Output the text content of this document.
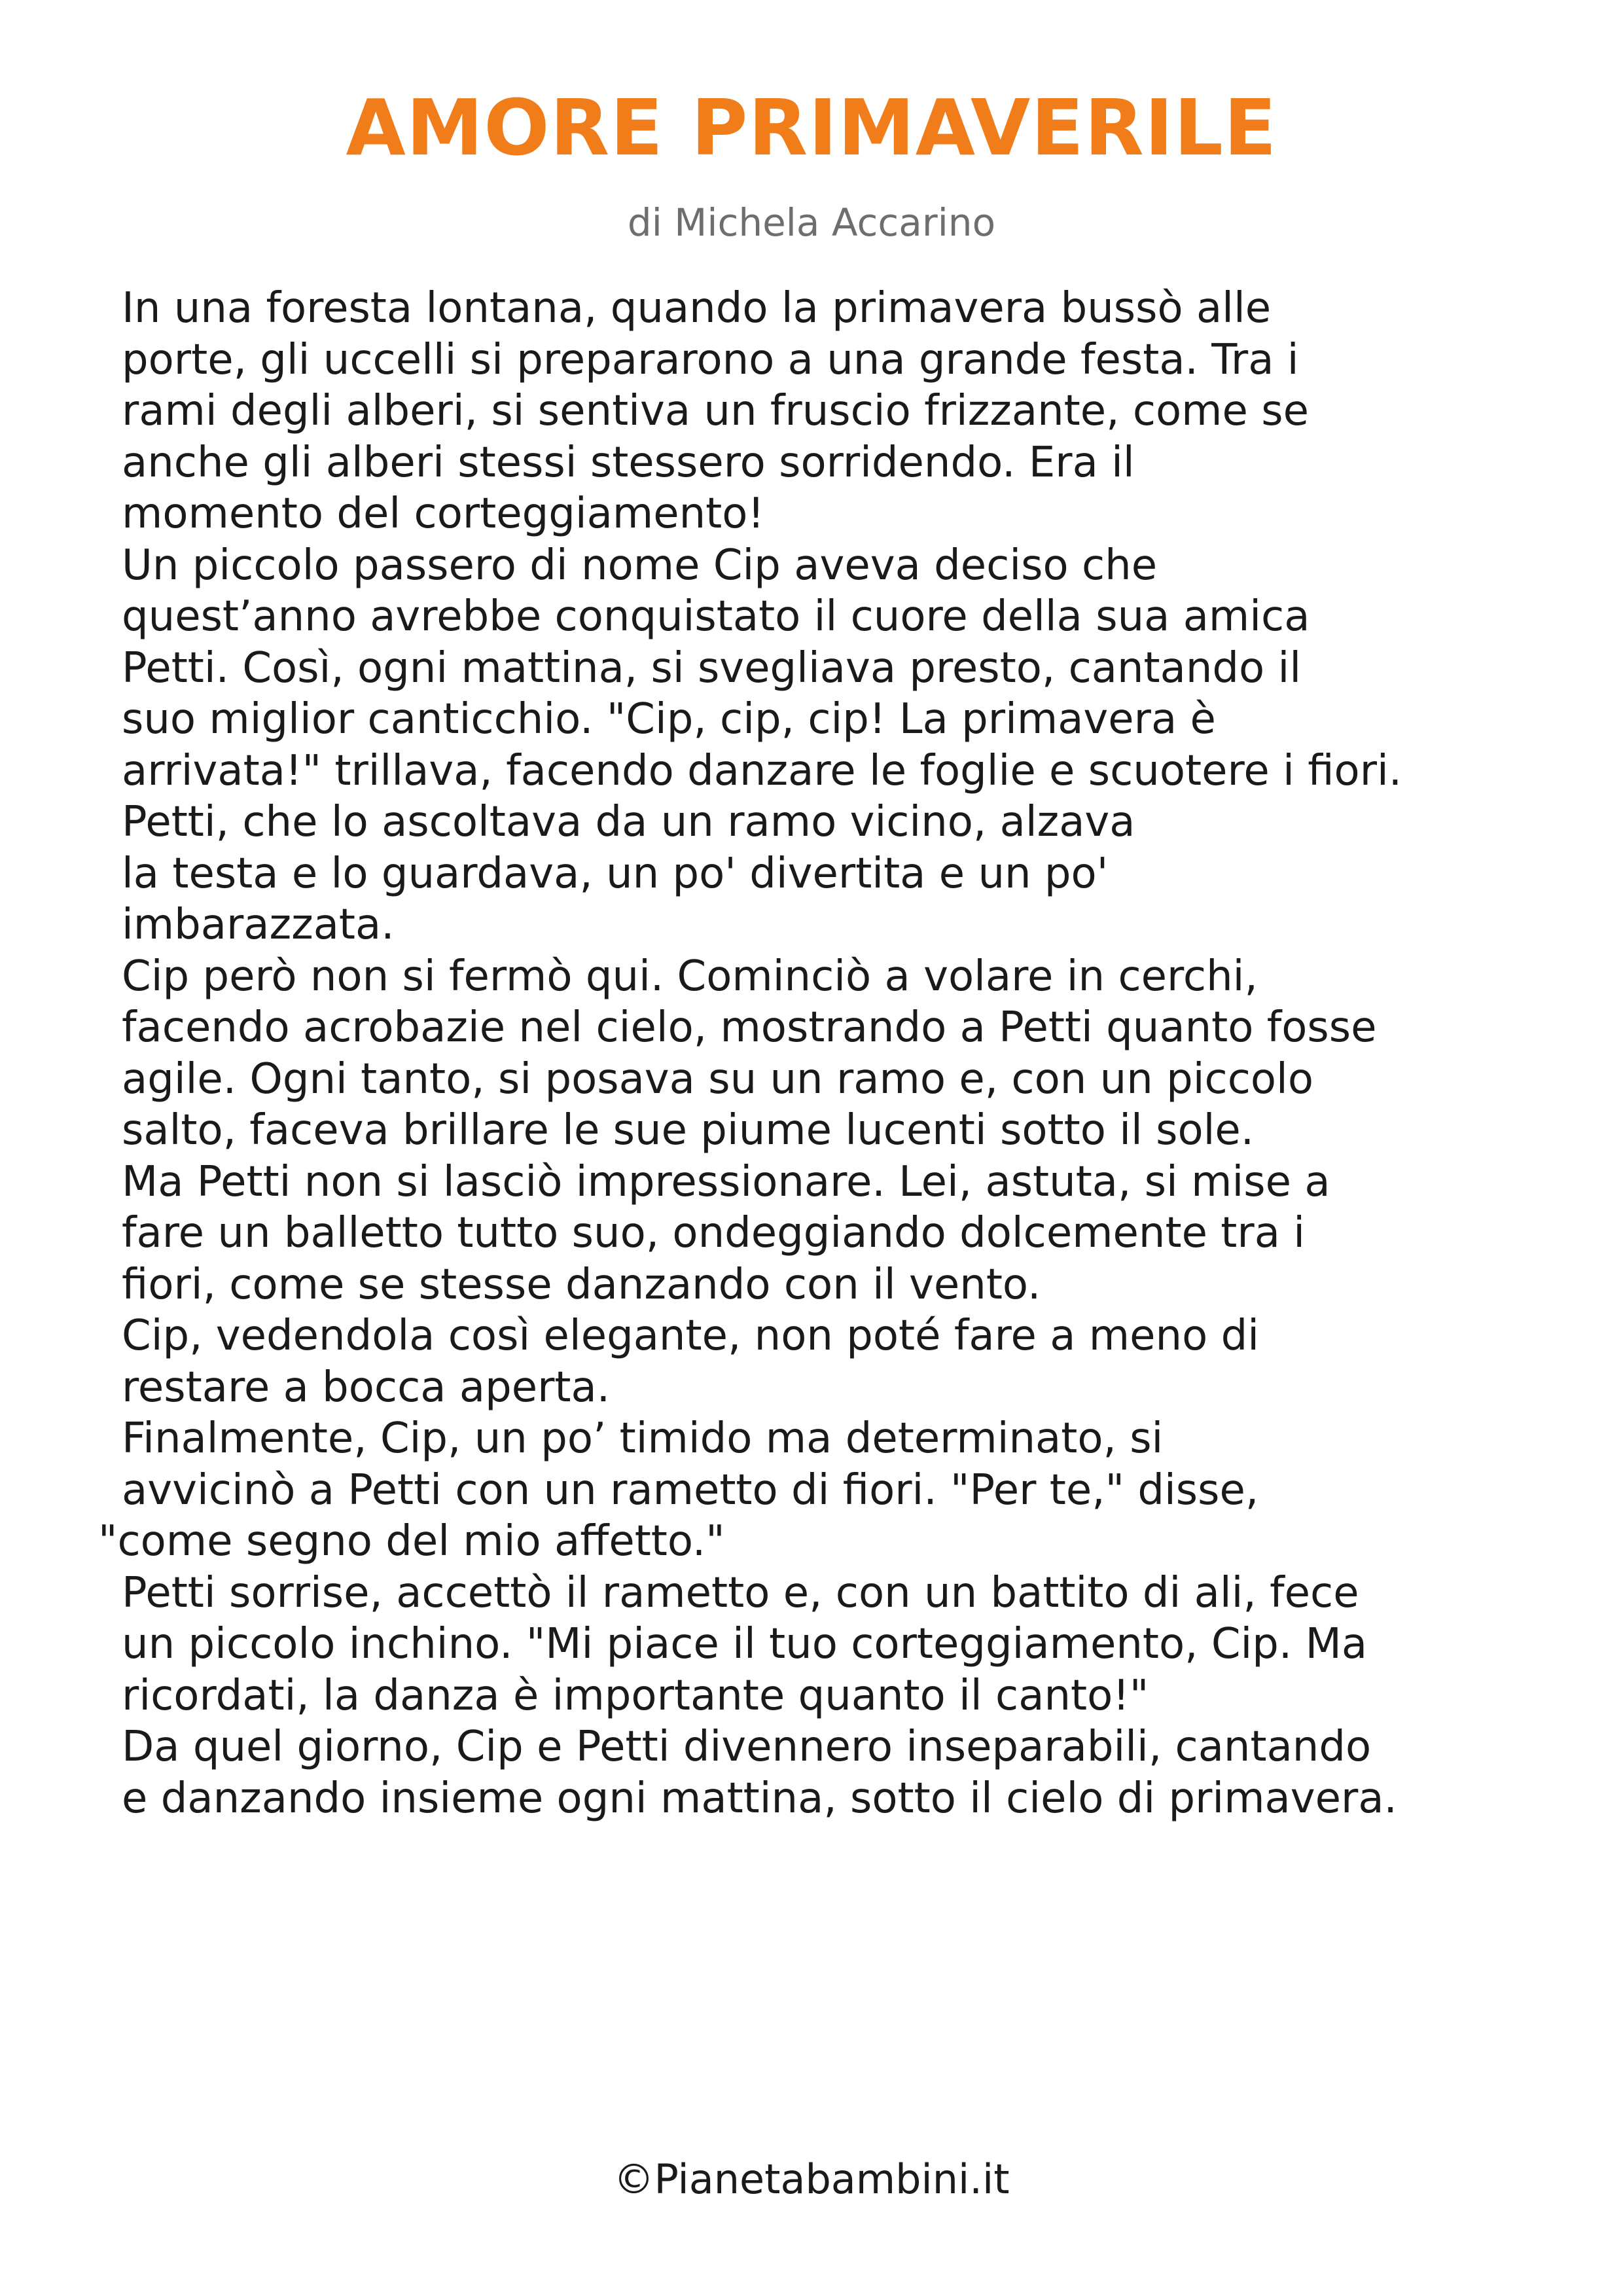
AMORE PRIMAVERILE

di Michela Accarino

In una foresta lontana, quando la primavera bussò alle
porte, gli uccelli si prepararono a una grande festa. Tra i
rami degli alberi, si sentiva un fruscio frizzante, come se
anche gli alberi stessi stessero sorridendo. Era il
momento del corteggiamento!
Un piccolo passero di nome Cip aveva deciso che
quest’anno avrebbe conquistato il cuore della sua amica
Petti. Così, ogni mattina, si svegliava presto, cantando il
suo miglior canticchio. "Cip, cip, cip! La primavera è
arrivata!" trillava, facendo danzare le foglie e scuotere i fiori.
Petti, che lo ascoltava da un ramo vicino, alzava
la testa e lo guardava, un po' divertita e un po'
imbarazzata.
Cip però non si fermò qui. Cominciò a volare in cerchi,
facendo acrobazie nel cielo, mostrando a Petti quanto fosse
agile. Ogni tanto, si posava su un ramo e, con un piccolo
salto, faceva brillare le sue piume lucenti sotto il sole.
Ma Petti non si lasciò impressionare. Lei, astuta, si mise a
fare un balletto tutto suo, ondeggiando dolcemente tra i
fiori, come se stesse danzando con il vento.
Cip, vedendola così elegante, non poté fare a meno di
restare a bocca aperta.
Finalmente, Cip, un po’ timido ma determinato, si
avvicinò a Petti con un rametto di fiori. "Per te," disse,
"come segno del mio affetto."
Petti sorrise, accettò il rametto e, con un battito di ali, fece
un piccolo inchino. "Mi piace il tuo corteggiamento, Cip. Ma
ricordati, la danza è importante quanto il canto!"
Da quel giorno, Cip e Petti divennero inseparabili, cantando
e danzando insieme ogni mattina, sotto il cielo di primavera.
©Pianetabambini.it
